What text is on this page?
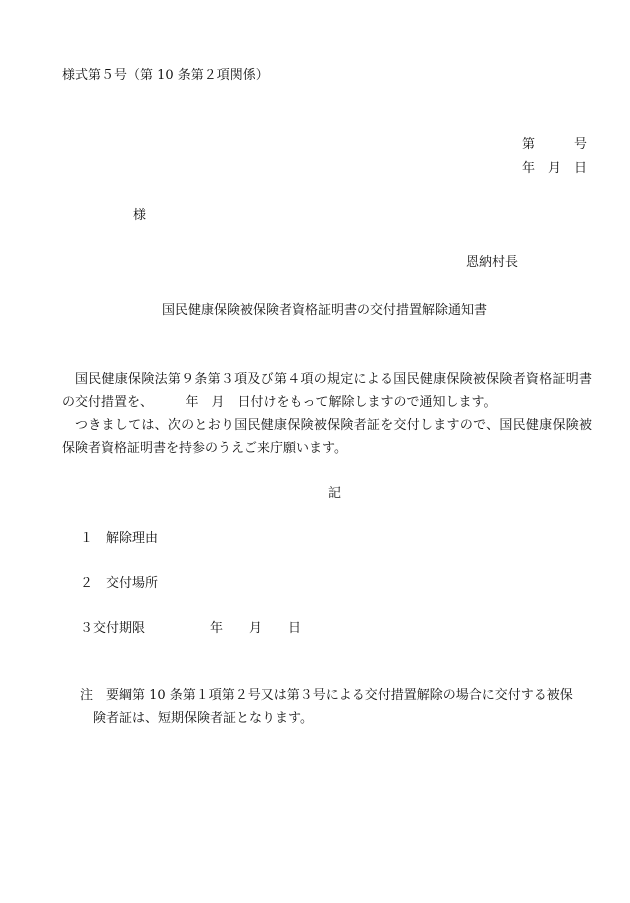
様式第５号（第 10 条第２項関係）
第　　　号
年　月　日
様
恩納村長
国民健康保険被保険者資格証明書の交付措置解除通知書
国民健康保険法第９条第３項及び第４項の規定による国民健康保険被保険者資格証明書の交付措置を、　　　年　月　日付けをもって解除しますので通知します。
つきましては、次のとおり国民健康保険被保険者証を交付しますので、国民健康保険被保険者資格証明書を持参のうえご来庁願います。
記
１　解除理由
２　交付場所
３交付期限　　　　　年　　月　　日
注　要綱第 10 条第１項第２号又は第３号による交付措置解除の場合に交付する被保
険者証は、短期保険者証となります。
